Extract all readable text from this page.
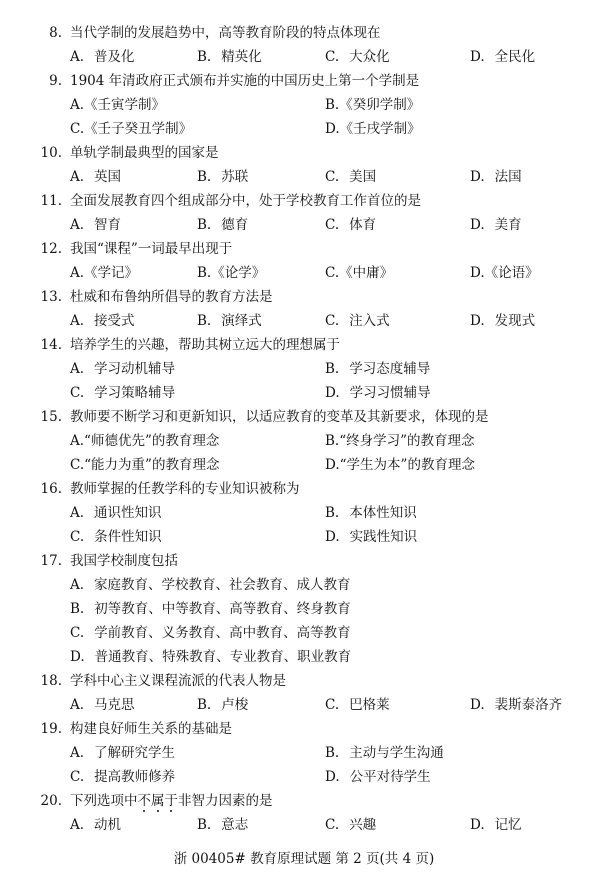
8. 当代学制的发展趋势中，高等教育阶段的特点体现在
A. 普及化	B. 精英化	C. 大众化	D. 全民化
9. 1904 年清政府正式颁布并实施的中国历史上第一个学制是
A.《壬寅学制》	B.《癸卯学制》
C.《壬子癸丑学制》	D.《壬戌学制》
10. 单轨学制最典型的国家是
A. 英国	B. 苏联	C. 美国	D. 法国
11. 全面发展教育四个组成部分中，处于学校教育工作首位的是
A. 智育	B. 德育	C. 体育	D. 美育
12. 我国“课程”一词最早出现于
A.《学记》	B.《论学》	C.《中庸》	D.《论语》
13. 杜威和布鲁纳所倡导的教育方法是
A. 接受式	B. 演绎式	C. 注入式	D. 发现式
14. 培养学生的兴趣，帮助其树立远大的理想属于
A. 学习动机辅导	B. 学习态度辅导
C. 学习策略辅导	D. 学习习惯辅导
15. 教师要不断学习和更新知识，以适应教育的变革及其新要求，体现的是
A.“师德优先”的教育理念	B.“终身学习”的教育理念
C.“能力为重”的教育理念	D.“学生为本”的教育理念
16. 教师掌握的任教学科的专业知识被称为
A. 通识性知识	B. 本体性知识
C. 条件性知识	D. 实践性知识
17. 我国学校制度包括
A. 家庭教育、学校教育、社会教育、成人教育
B. 初等教育、中等教育、高等教育、终身教育
C. 学前教育、义务教育、高中教育、高等教育
D. 普通教育、特殊教育、专业教育、职业教育
18. 学科中心主义课程流派的代表人物是
A. 马克思	B. 卢梭	C. 巴格莱	D. 裴斯泰洛齐
19. 构建良好师生关系的基础是
A. 了解研究学生	B. 主动与学生沟通
C. 提高教师修养	D. 公平对待学生
20. 下列选项中不属于非智力因素的是
A. 动机	B. 意志	C. 兴趣	D. 记忆
浙 00405# 教育原理试题 第 2 页(共 4 页)
